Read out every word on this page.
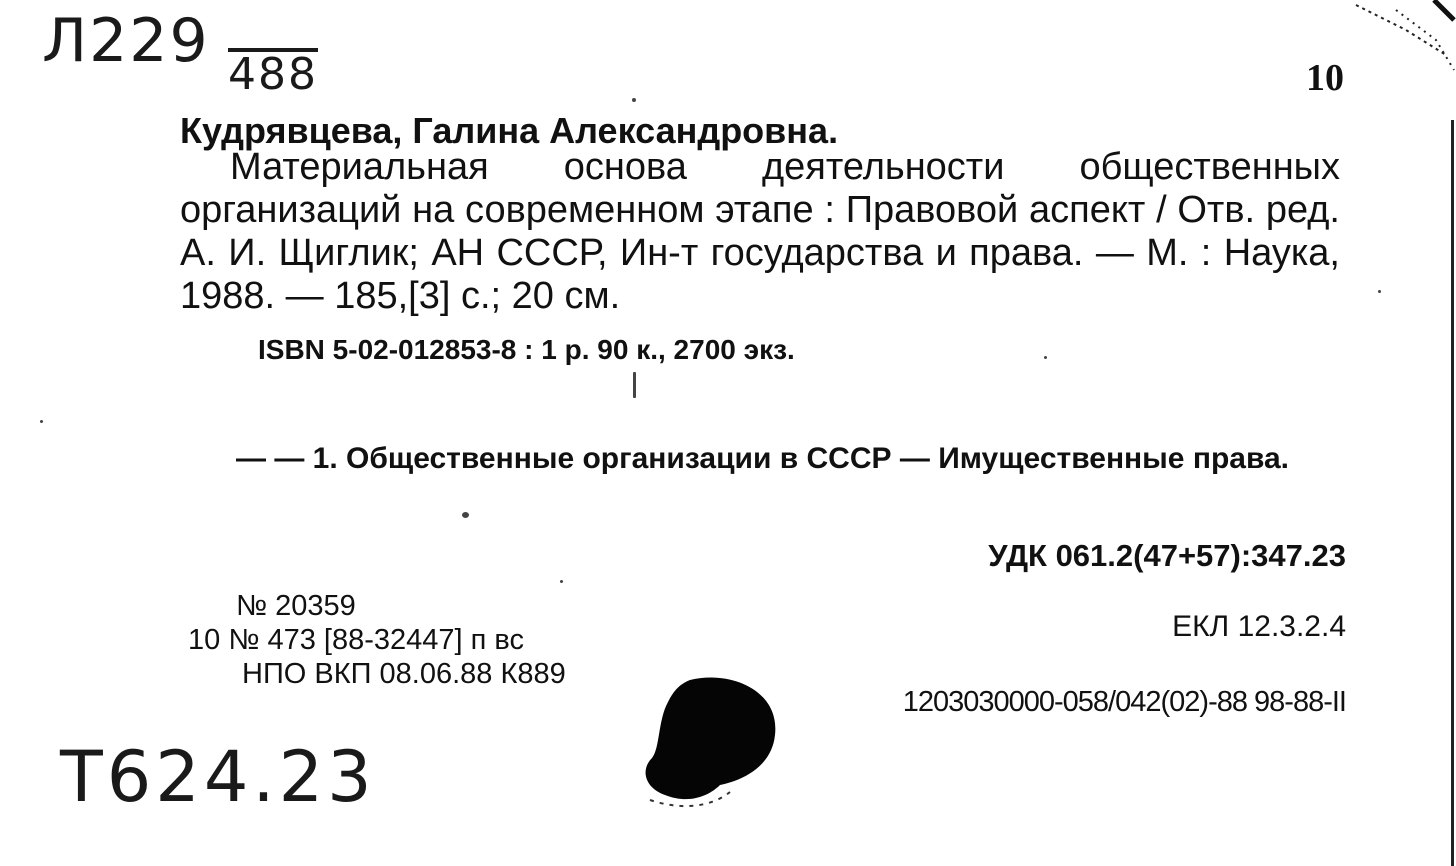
Л229 488	10
Кудрявцева, Галина Александровна.
Материальная основа деятельности общественных организаций на современном этапе : Правовой аспект / Отв. ред. А. И. Щиглик; АН СССР, Ин-т государства и права. — М. : Наука, 1988. — 185,[3] с.; 20 см.
ISBN 5-02-012853-8 : 1 р. 90 к., 2700 экз.
— — 1. Общественные организации в СССР — Имущественные права.
УДК 061.2(47+57):347.23
ЕКЛ 12.3.2.4
№ 20359
10 № 473 [88-32447] п вс
НПО ВКП 08.06.88 К889
1203030000-058/042(02)-88 98-88-II
Т624.23
